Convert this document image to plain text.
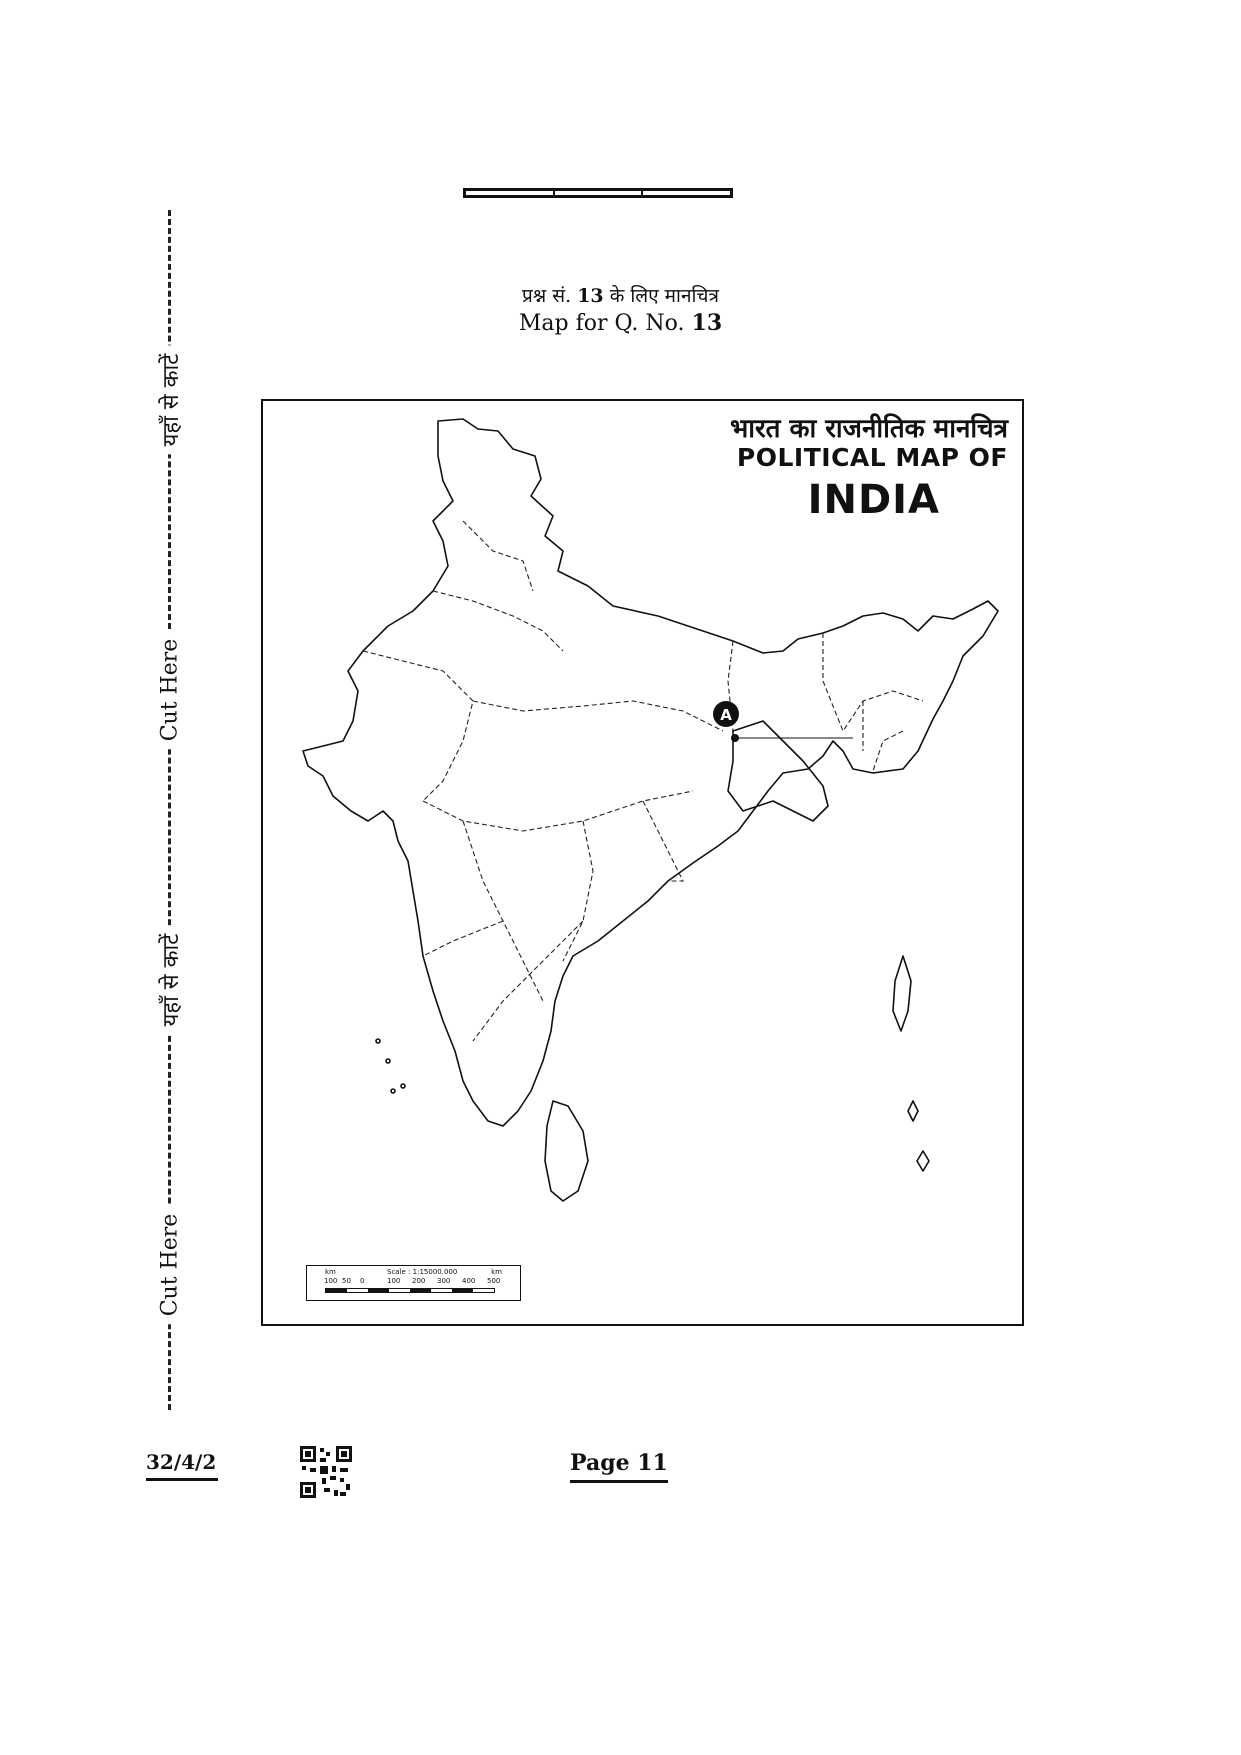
यहाँ से काटें
Cut Here
यहाँ से काटें
Cut Here
प्रश्न सं. 13 के लिए मानचित्र
Map for Q. No. 13
A
भारत का राजनीतिक मानचित्र
POLITICAL MAP OF
INDIA
km	Scale : 1:15000.000	km
100 50 0	100 200 300 400 500
32/4/2	Page 11
